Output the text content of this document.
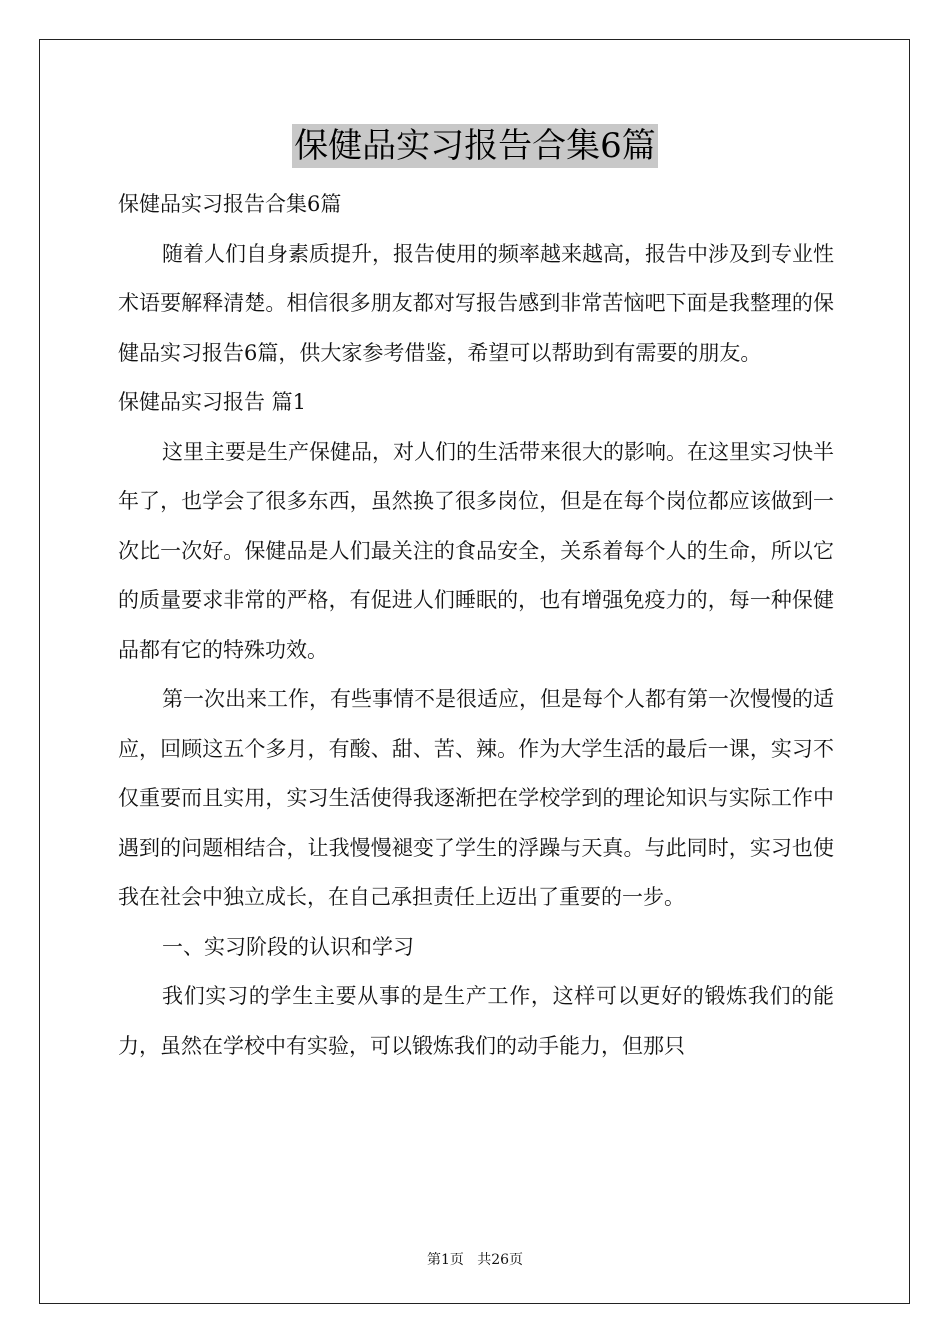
保健品实习报告合集6篇

保健品实习报告合集6篇

随着人们自身素质提升，报告使用的频率越来越高，报告中涉及到专业性术语要解释清楚。相信很多朋友都对写报告感到非常苦恼吧下面是我整理的保健品实习报告6篇，供大家参考借鉴，希望可以帮助到有需要的朋友。

保健品实习报告 篇1

这里主要是生产保健品，对人们的生活带来很大的影响。在这里实习快半年了，也学会了很多东西，虽然换了很多岗位，但是在每个岗位都应该做到一次比一次好。保健品是人们最关注的食品安全，关系着每个人的生命，所以它的质量要求非常的严格，有促进人们睡眠的，也有增强免疫力的，每一种保健品都有它的特殊功效。

第一次出来工作，有些事情不是很适应，但是每个人都有第一次慢慢的适应，回顾这五个多月，有酸、甜、苦、辣。作为大学生活的最后一课，实习不仅重要而且实用，实习生活使得我逐渐把在学校学到的理论知识与实际工作中遇到的问题相结合，让我慢慢褪变了学生的浮躁与天真。与此同时，实习也使我在社会中独立成长，在自己承担责任上迈出了重要的一步。

一、实习阶段的认识和学习

我们实习的学生主要从事的是生产工作，这样可以更好的锻炼我们的能力，虽然在学校中有实验，可以锻炼我们的动手能力，但那只

第1页   共26页
